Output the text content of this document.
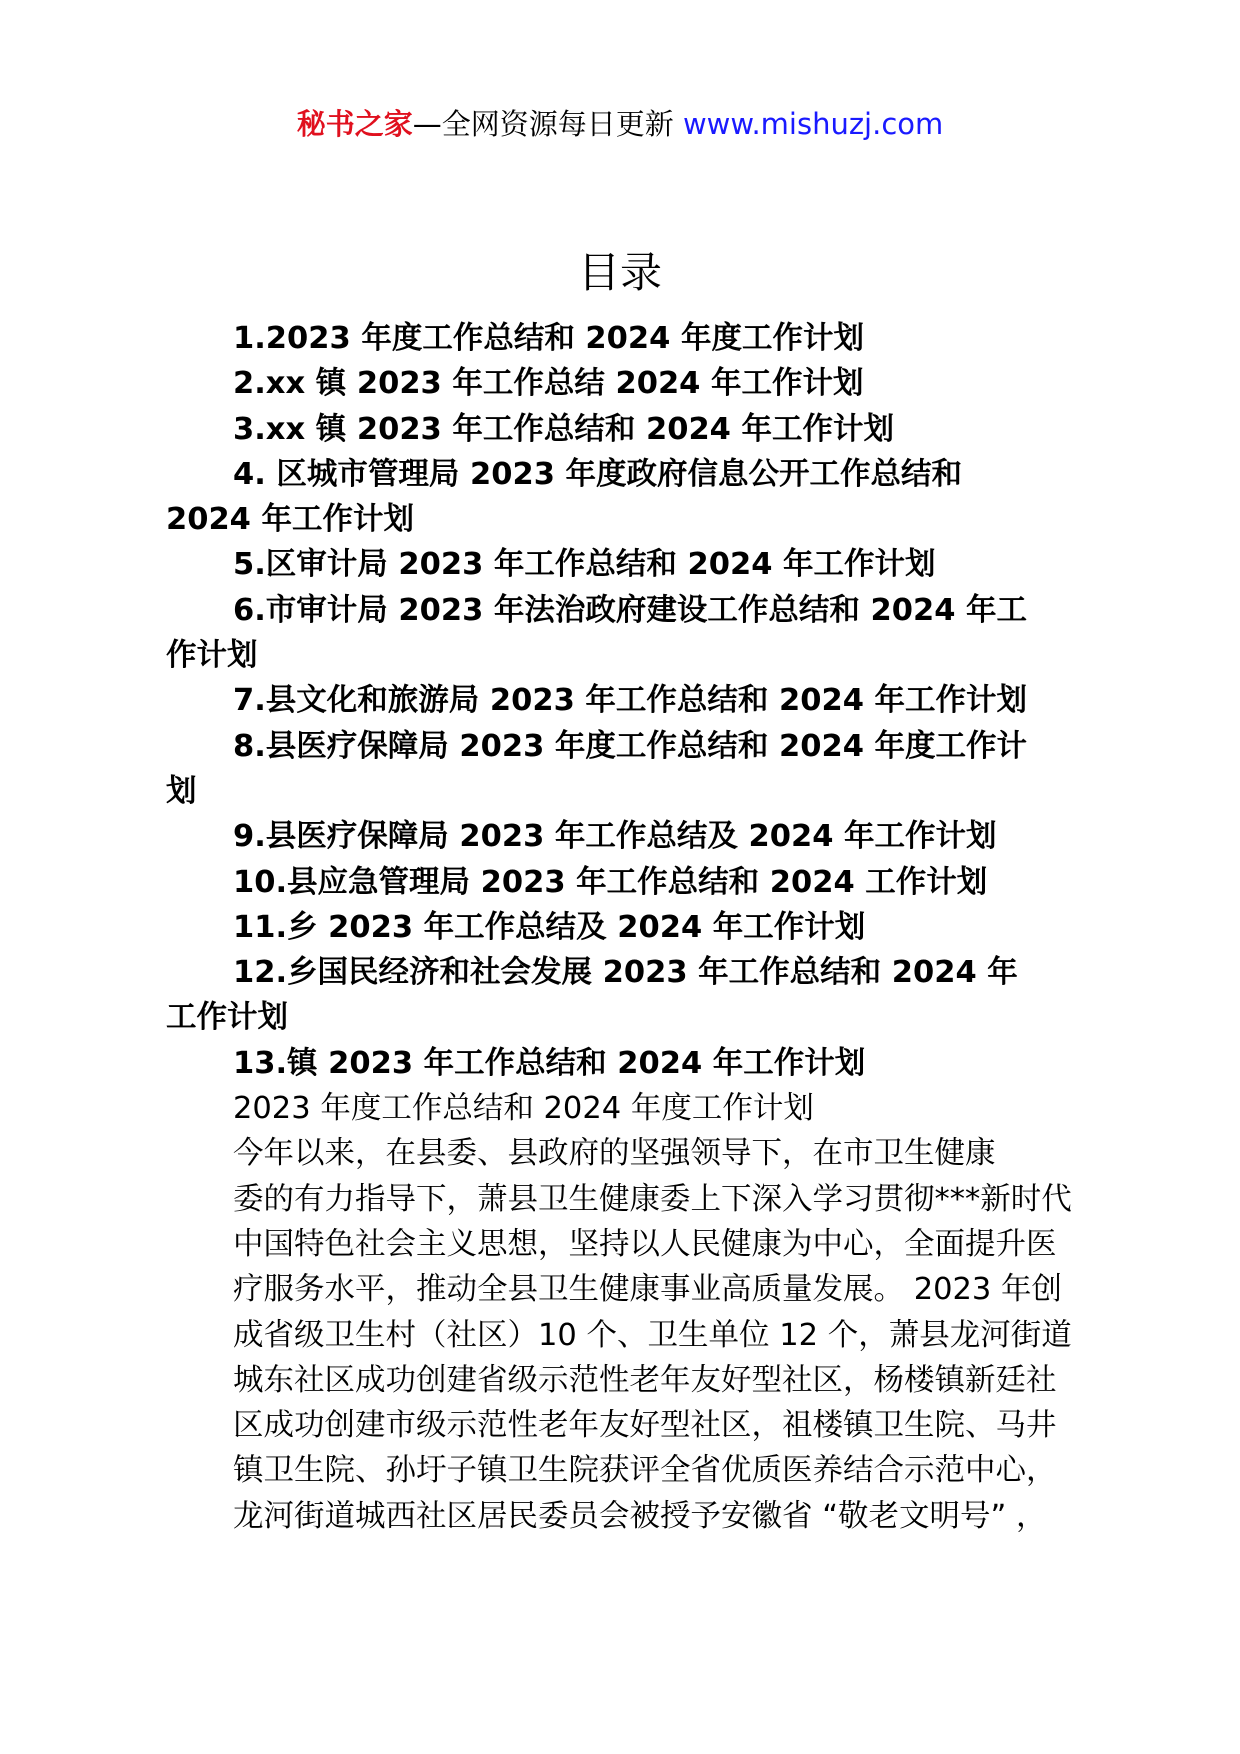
秘书之家—全网资源每日更新 www.mishuzj.com
目录

1.2023 年度工作总结和 2024 年度工作计划

2.xx 镇 2023 年工作总结 2024 年工作计划

3.xx 镇 2023 年工作总结和 2024 年工作计划

4. 区城市管理局 2023 年度政府信息公开工作总结和
2024 年工作计划

5.区审计局 2023 年工作总结和 2024 年工作计划

6.市审计局 2023 年法治政府建设工作总结和 2024 年工
作计划

7.县文化和旅游局 2023 年工作总结和 2024 年工作计划

8.县医疗保障局 2023 年度工作总结和 2024 年度工作计
划

9.县医疗保障局 2023 年工作总结及 2024 年工作计划

10.县应急管理局 2023 年工作总结和 2024 工作计划

11.乡 2023 年工作总结及 2024 年工作计划

12.乡国民经济和社会发展 2023 年工作总结和 2024 年
工作计划

13.镇 2023 年工作总结和 2024 年工作计划

2023 年度工作总结和 2024 年度工作计划

今年以来，在县委、县政府的坚强领导下，在市卫生健康
委的有力指导下，萧县卫生健康委上下深入学习贯彻***新时代
中国特色社会主义思想，坚持以人民健康为中心，全面提升医
疗服务水平，推动全县卫生健康事业高质量发展。 2023 年创
成省级卫生村（社区）10 个、卫生单位 12 个，萧县龙河街道
城东社区成功创建省级示范性老年友好型社区，杨楼镇新廷社
区成功创建市级示范性老年友好型社区，祖楼镇卫生院、马井
镇卫生院、孙圩子镇卫生院获评全省优质医养结合示范中心，
龙河街道城西社区居民委员会被授予安徽省 “敬老文明号” ，
